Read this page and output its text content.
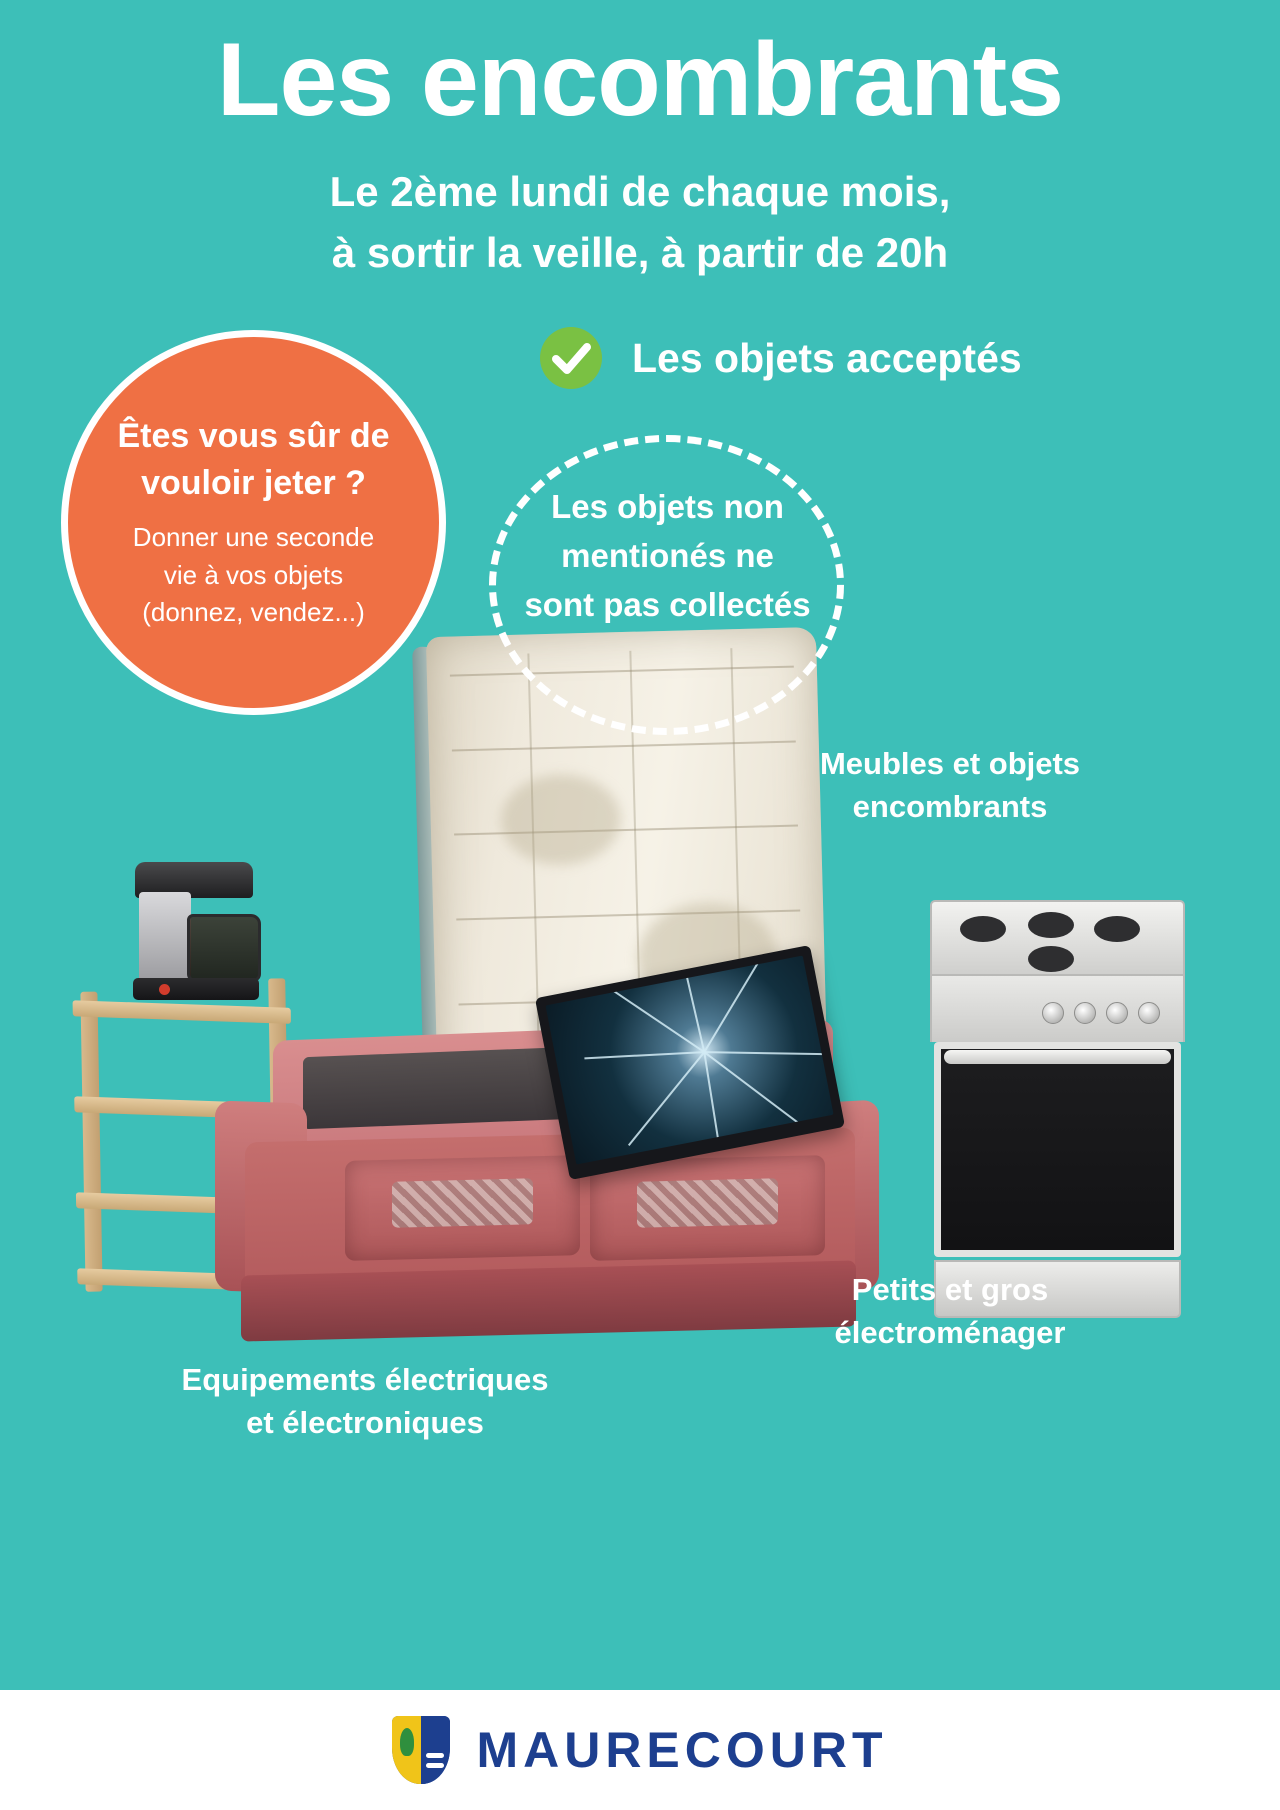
Les encombrants
Le 2ème lundi de chaque mois,
à sortir la veille, à partir de 20h
Les objets acceptés
Les objets non
mentionés ne
sont pas collectés
Êtes vous sûr de vouloir jeter ?
Donner une seconde
vie à vos objets
(donnez, vendez...)
Meubles et objets
encombrants
Petits et gros
électroménager
Equipements électriques
et électroniques
MAURECOURT
